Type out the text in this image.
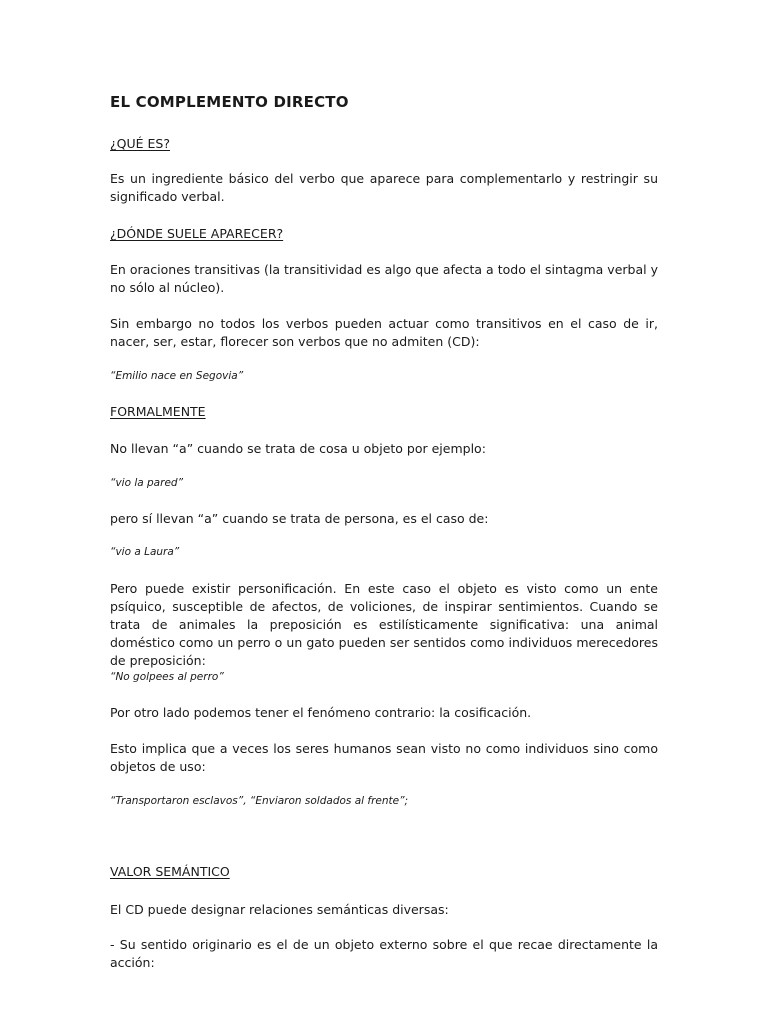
EL COMPLEMENTO DIRECTO
¿QUÉ ES?
Es un ingrediente básico del verbo que aparece para complementarlo y restringir su significado verbal.
¿DÓNDE SUELE APARECER?
En oraciones transitivas (la transitividad es algo que afecta a todo el sintagma verbal y no sólo al núcleo).
Sin embargo no todos los verbos pueden actuar como transitivos en el caso de ir, nacer, ser, estar, florecer son verbos que no admiten (CD):
“Emilio nace en Segovia”
FORMALMENTE
No llevan “a” cuando se trata de cosa u objeto por ejemplo:
“vio la pared”
pero sí llevan “a” cuando se trata de persona, es el caso de:
“vio a Laura”
Pero puede existir personificación. En este caso el objeto es visto como un ente psíquico, susceptible de afectos, de voliciones, de inspirar sentimientos. Cuando se trata de animales la preposición es estilísticamente significativa: una animal doméstico como un perro o un gato pueden ser sentidos como individuos merecedores de preposición:
“No golpees al perro”
Por otro lado podemos tener el fenómeno contrario: la cosificación.
Esto implica que a veces los seres humanos sean visto no como individuos sino como objetos de uso:
“Transportaron esclavos”, “Enviaron soldados al frente”;
VALOR SEMÁNTICO
El CD puede designar relaciones semánticas diversas:
- Su sentido originario es el de un objeto externo sobre el que recae directamente la acción:
